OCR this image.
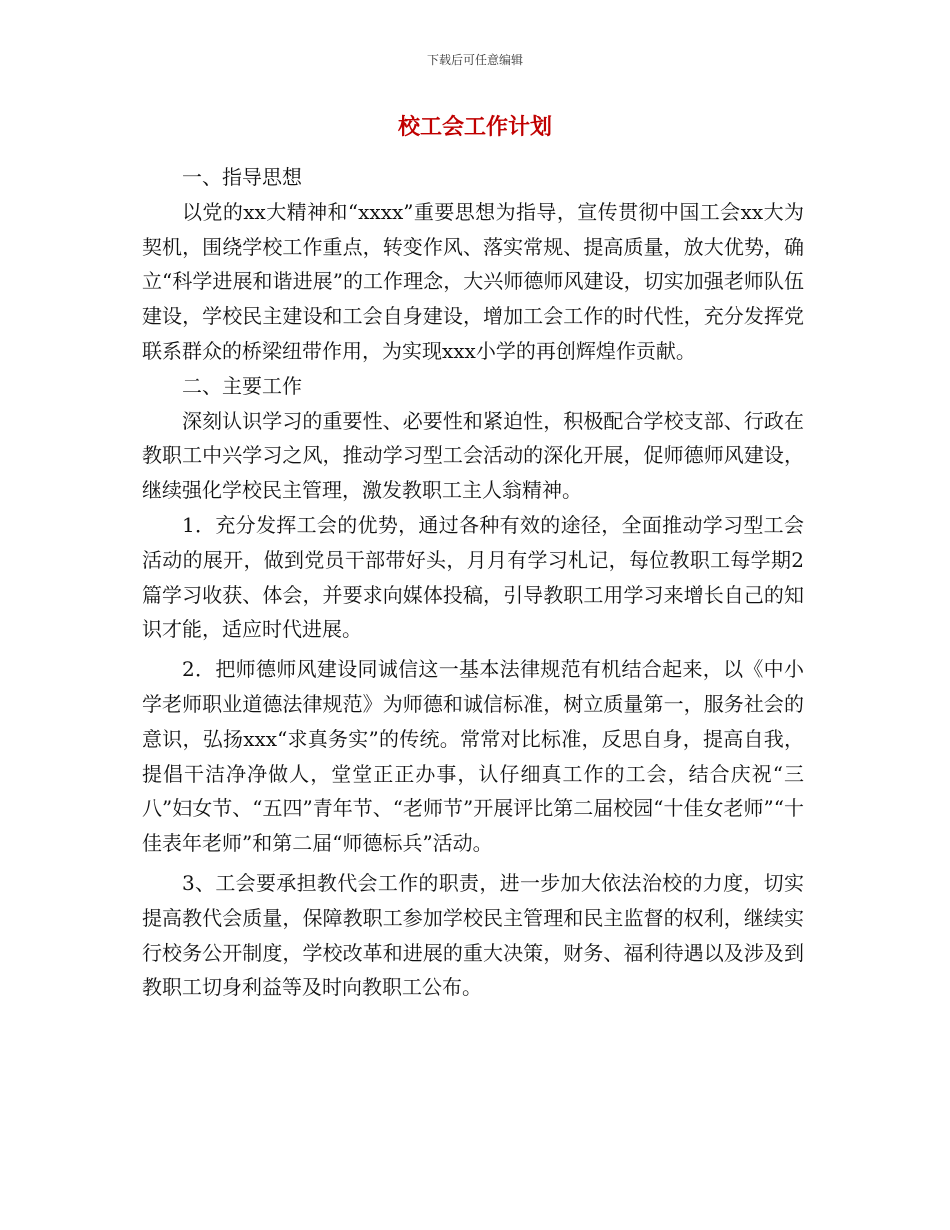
下载后可任意编辑
校工会工作计划

一、指导思想

以党的xx大精神和“xxxx”重要思想为指导，宣传贯彻中国工会xx大为契机，围绕学校工作重点，转变作风、落实常规、提高质量，放大优势，确立“科学进展和谐进展”的工作理念，大兴师德师风建设，切实加强老师队伍建设，学校民主建设和工会自身建设，增加工会工作的时代性，充分发挥党联系群众的桥梁纽带作用，为实现xxx小学的再创辉煌作贡献。

二、主要工作

深刻认识学习的重要性、必要性和紧迫性，积极配合学校支部、行政在教职工中兴学习之风，推动学习型工会活动的深化开展，促师德师风建设，继续强化学校民主管理，激发教职工主人翁精神。

1．充分发挥工会的优势，通过各种有效的途径，全面推动学习型工会活动的展开，做到党员干部带好头，月月有学习札记，每位教职工每学期2篇学习收获、体会，并要求向媒体投稿，引导教职工用学习来增长自己的知识才能，适应时代进展。

2．把师德师风建设同诚信这一基本法律规范有机结合起来，以《中小学老师职业道德法律规范》为师德和诚信标准，树立质量第一，服务社会的意识，弘扬xxx“求真务实”的传统。常常对比标准，反思自身，提高自我，提倡干洁净净做人，堂堂正正办事，认仔细真工作的工会，结合庆祝“三八”妇女节、“五四”青年节、“老师节”开展评比第二届校园“十佳女老师”“十佳表年老师”和第二届“师德标兵”活动。

3、工会要承担教代会工作的职责，进一步加大依法治校的力度，切实提高教代会质量，保障教职工参加学校民主管理和民主监督的权利，继续实行校务公开制度，学校改革和进展的重大决策，财务、福利待遇以及涉及到教职工切身利益等及时向教职工公布。
